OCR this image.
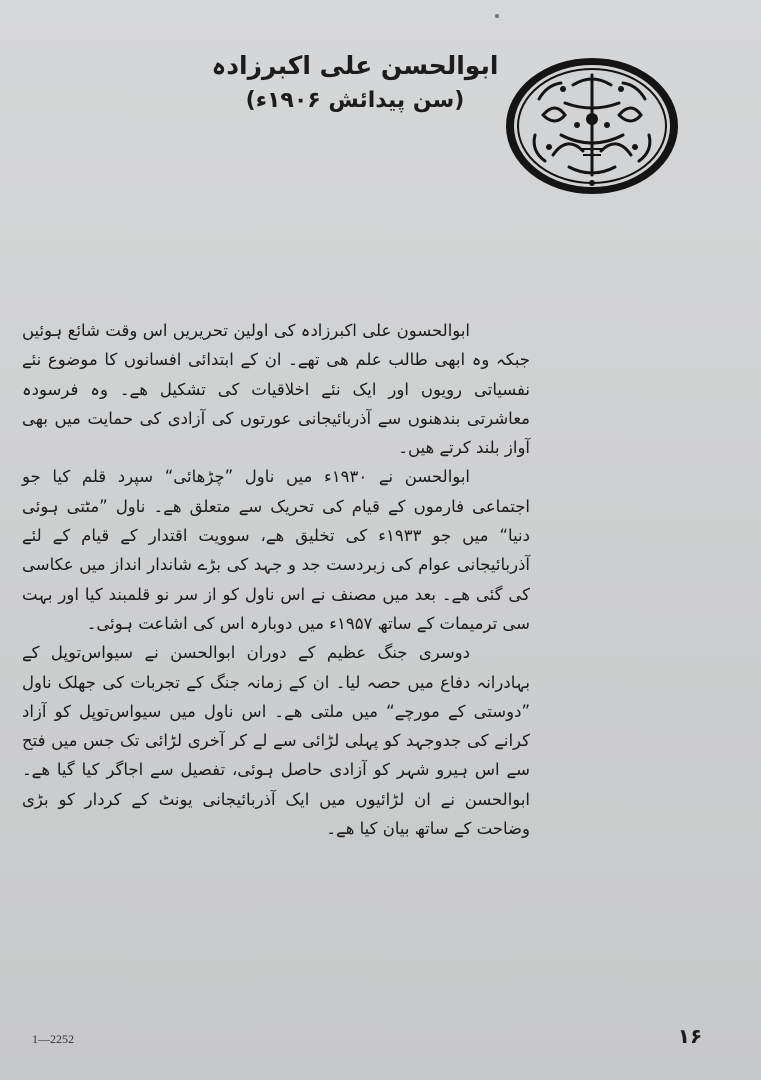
ابوالحسن علی اکبرزادہ
(سن پیدائش ۱۹۰۶ء)

ابوالحسون علی اکبرزادہ کی اولین تحریریں اس وقت شائع ہوئیں جبکہ وہ ابھی طالب علم ھی تھے۔ ان کے ابتدائی افسانوں کا موضوع نئے نفسیاتی رویوں اور ایک نئے اخلاقیات کی تشکیل ھے۔ وہ فرسودہ معاشرتی بندھنوں سے آذربائیجانی عورتوں کی آزادی کی حمایت میں بھی آواز بلند کرتے ھیں۔

ابوالحسن نے ۱۹۳۰ء میں ناول ”چڑھائی“ سپرد قلم کیا جو اجتماعی فارموں کے قیام کی تحریک سے متعلق ھے۔ ناول ”مٹتی ہوئی دنیا“ میں جو ۱۹۳۳ء کی تخلیق ھے، سوویت اقتدار کے قیام کے لئے آذربائیجانی عوام کی زبردست جد و جہد کی بڑے شاندار انداز میں عکاسی کی گئی ھے۔ بعد میں مصنف نے اس ناول کو از سر نو قلمبند کیا اور بہت سی ترمیمات کے ساتھ ۱۹۵۷ء میں دوبارہ اس کی اشاعت ہوئی۔

دوسری جنگ عظیم کے دوران ابوالحسن نے سیواس‌توپل کے بہادرانہ دفاع میں حصہ لیا۔ ان کے زمانہ جنگ کے تجربات کی جھلک ناول ”دوستی کے مورچے“ میں ملتی ھے۔ اس ناول میں سیواس‌توپل کو آزاد کرانے کی جدوجہد کو پہلی لڑائی سے لے کر آخری لڑائی تک جس میں فتح سے اس ہیرو شہر کو آزادی حاصل ہوئی، تفصیل سے اجاگر کیا گیا ھے۔ ابوالحسن نے ان لڑائیوں میں ایک آذربائیجانی یونٹ کے کردار کو بڑی وضاحت کے ساتھ بیان کیا ھے۔

1—2252	۱۶
